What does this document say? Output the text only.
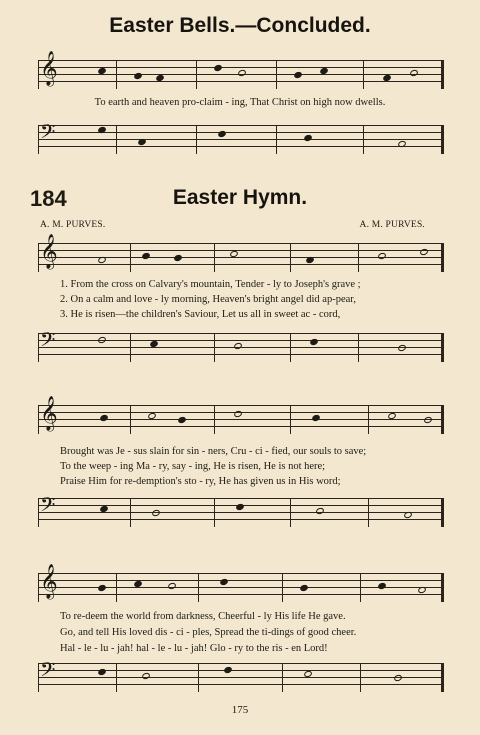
Easter Bells.—Concluded.
𝄞
To earth and heaven pro-claim - ing, That Christ on high now dwells.
𝄢
184	Easter Hymn.
A. M. PURVES.	A. M. PURVES.
𝄞
1. From the cross on Calvary's mountain, Tender - ly to Joseph's grave ;
2. On a calm and love - ly morning, Heaven's bright angel did ap-pear,
3. He is risen—the children's Saviour, Let us all in sweet ac - cord,
𝄢
𝄞
Brought was Je - sus slain for sin - ners, Cru - ci - fied, our souls to save;
To the weep - ing Ma - ry, say - ing, He is risen, He is not here;
Praise Him for re-demption's sto - ry, He has given us in His word;
𝄢
𝄞
To re-deem the world from darkness, Cheerful - ly His life He gave.
Go, and tell His loved dis - ci - ples, Spread the ti-dings of good cheer.
Hal - le - lu - jah! hal - le - lu - jah! Glo - ry to the ris - en Lord!
𝄢
175
